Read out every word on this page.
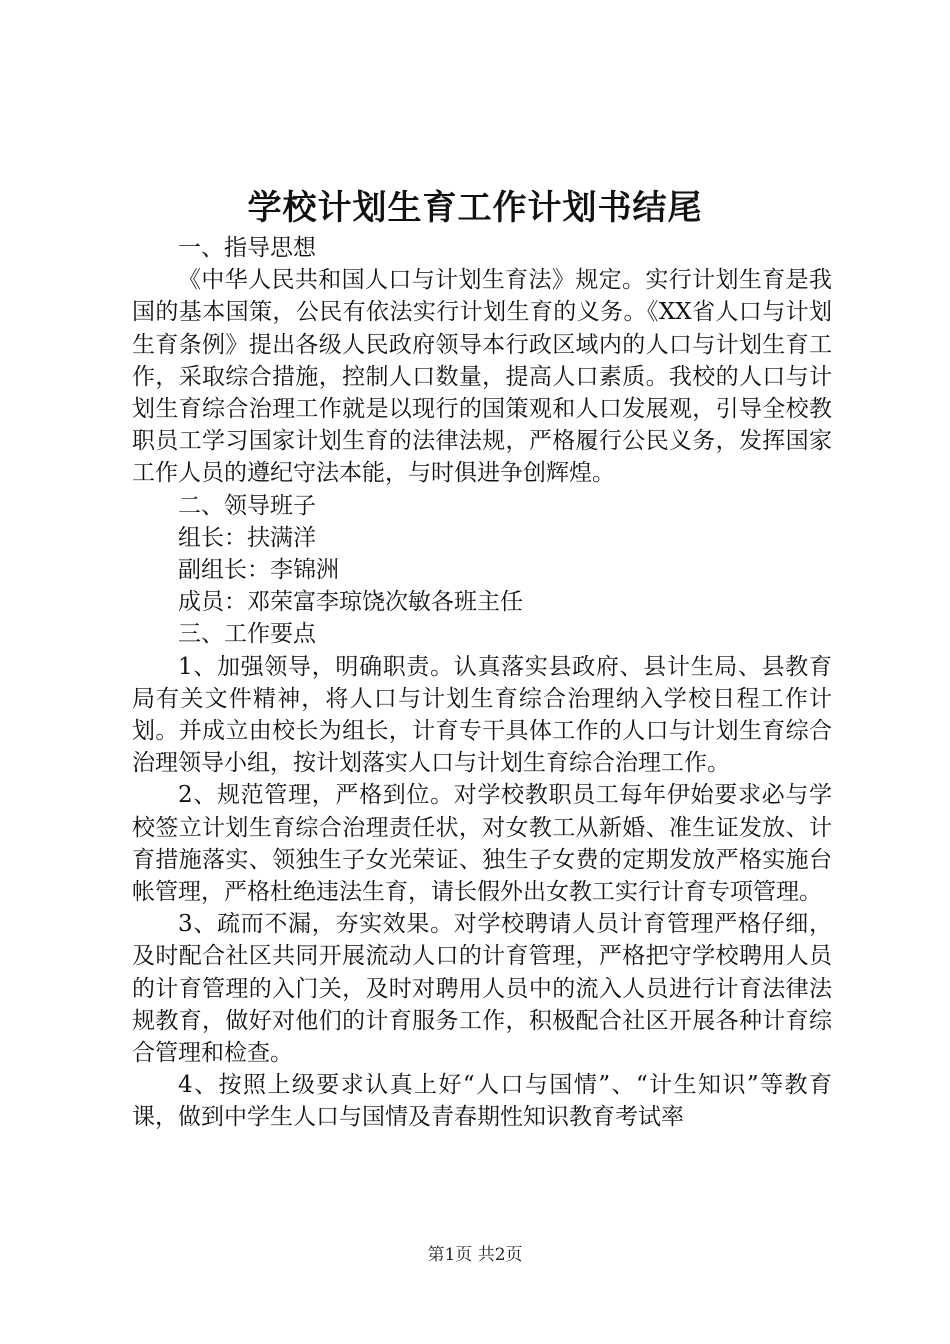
学校计划生育工作计划书结尾

一、指导思想

《中华人民共和国人口与计划生育法》规定。实行计划生育是我国的基本国策，公民有依法实行计划生育的义务。《XX省人口与计划生育条例》提出各级人民政府领导本行政区域内的人口与计划生育工作，采取综合措施，控制人口数量，提高人口素质。我校的人口与计划生育综合治理工作就是以现行的国策观和人口发展观，引导全校教职员工学习国家计划生育的法律法规，严格履行公民义务，发挥国家工作人员的遵纪守法本能，与时俱进争创辉煌。

二、领导班子

组长：扶满洋

副组长：李锦洲

成员：邓荣富李琼饶次敏各班主任

三、工作要点

1、加强领导，明确职责。认真落实县政府、县计生局、县教育局有关文件精神，将人口与计划生育综合治理纳入学校日程工作计划。并成立由校长为组长，计育专干具体工作的人口与计划生育综合治理领导小组，按计划落实人口与计划生育综合治理工作。

2、规范管理，严格到位。对学校教职员工每年伊始要求必与学校签立计划生育综合治理责任状，对女教工从新婚、准生证发放、计育措施落实、领独生子女光荣证、独生子女费的定期发放严格实施台帐管理，严格杜绝违法生育，请长假外出女教工实行计育专项管理。

3、疏而不漏，夯实效果。对学校聘请人员计育管理严格仔细，及时配合社区共同开展流动人口的计育管理，严格把守学校聘用人员的计育管理的入门关，及时对聘用人员中的流入人员进行计育法律法规教育，做好对他们的计育服务工作，积极配合社区开展各种计育综合管理和检查。

4、按照上级要求认真上好“人口与国情”、“计生知识”等教育课，做到中学生人口与国情及青春期性知识教育考试率

第1页 共2页
